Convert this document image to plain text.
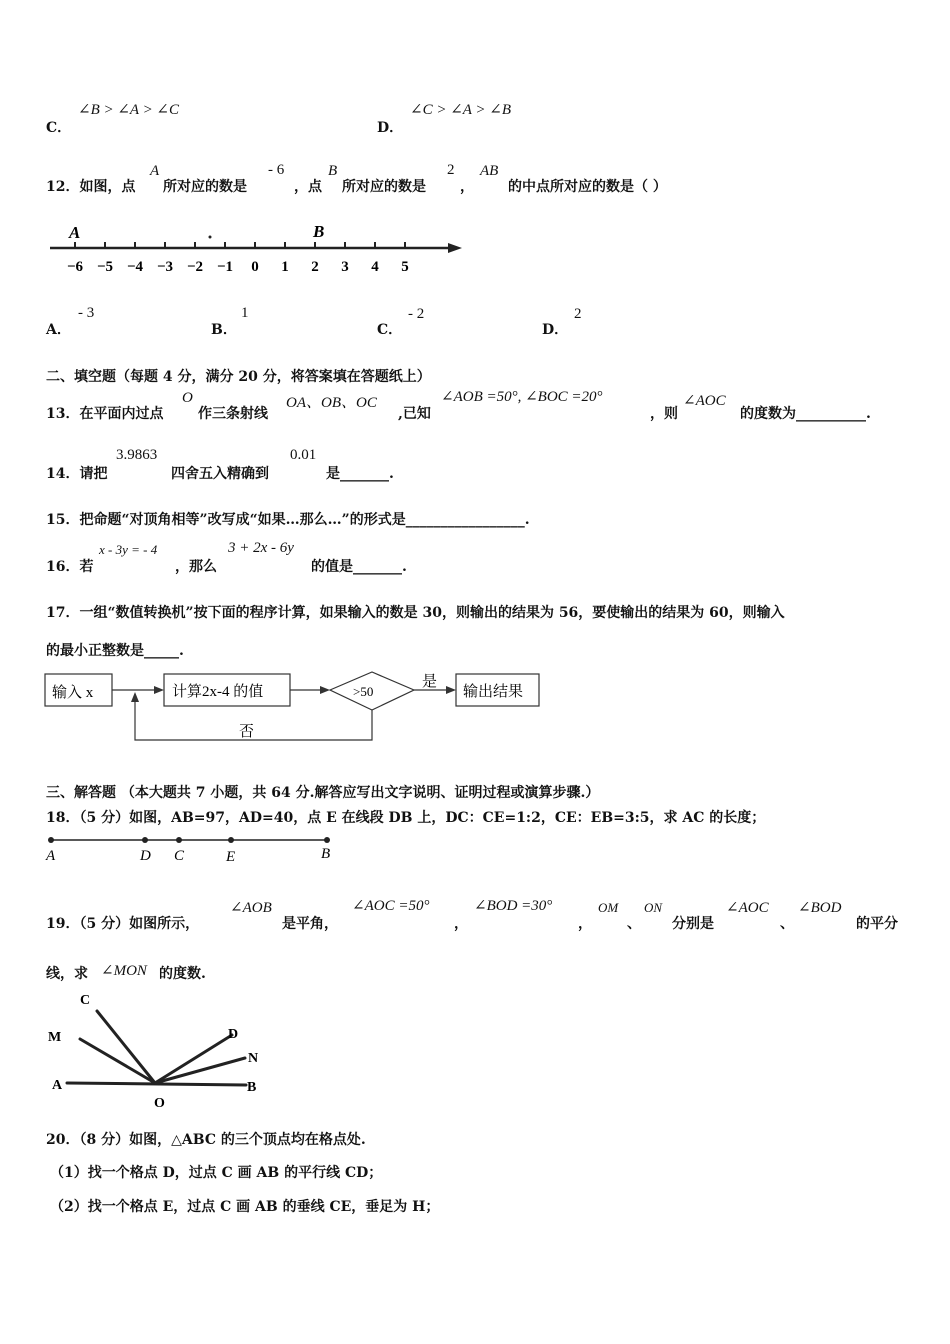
C．
∠B > ∠A > ∠C
D．
∠C > ∠A > ∠B
12．如图，点
A
所对应的数是
- 6
，点
B
所对应的数是
2
，
AB
的中点所对应的数是（ ）
A	B
−6 −5 −4 −3 −2 −1 0 1 2 3 4 5
A．
- 3
B．
1
C．
- 2
D．
2
二、填空题（每题 4 分，满分 20 分，将答案填在答题纸上）
13．在平面内过点
O
作三条射线
OA、OB、OC
,已知
∠AOB =50°, ∠BOC =20°
，则
∠AOC
的度数为__________.
14．请把
3.9863
四舍五入精确到
0.01
是_______.
15．把命题“对顶角相等”改写成“如果…那么…”的形式是_________________.
16．若
x - 3y = - 4
，那么
3 + 2x - 6y
的值是_______.
17．一组“数值转换机”按下面的程序计算，如果输入的数是 30，则输出的结果为 56，要使输出的结果为 60，则输入
的最小正整数是_____.
输入 x	计算2x-4 的值	>50
是
输出结果
否
三、解答题 （本大题共 7 小题，共 64 分.解答应写出文字说明、证明过程或演算步骤.）
18．（5 分）如图，AB=97，AD=40，点 E 在线段 DB 上，DC：CE=1:2，CE：EB=3:5，求 AC 的长度；
A	D C	E	B
19．（5 分）如图所示，
∠AOB
是平角，
∠AOC =50°
，
∠BOD =30°
，
OM
、
ON
分别是
∠AOC
、
∠BOD
的平分
线，求 ∠MON 的度数.
C
M
A
O
D
N
B
20．（8 分）如图，△ABC 的三个顶点均在格点处.
（1）找一个格点 D，过点 C 画 AB 的平行线 CD；
（2）找一个格点 E，过点 C 画 AB 的垂线 CE，垂足为 H；
